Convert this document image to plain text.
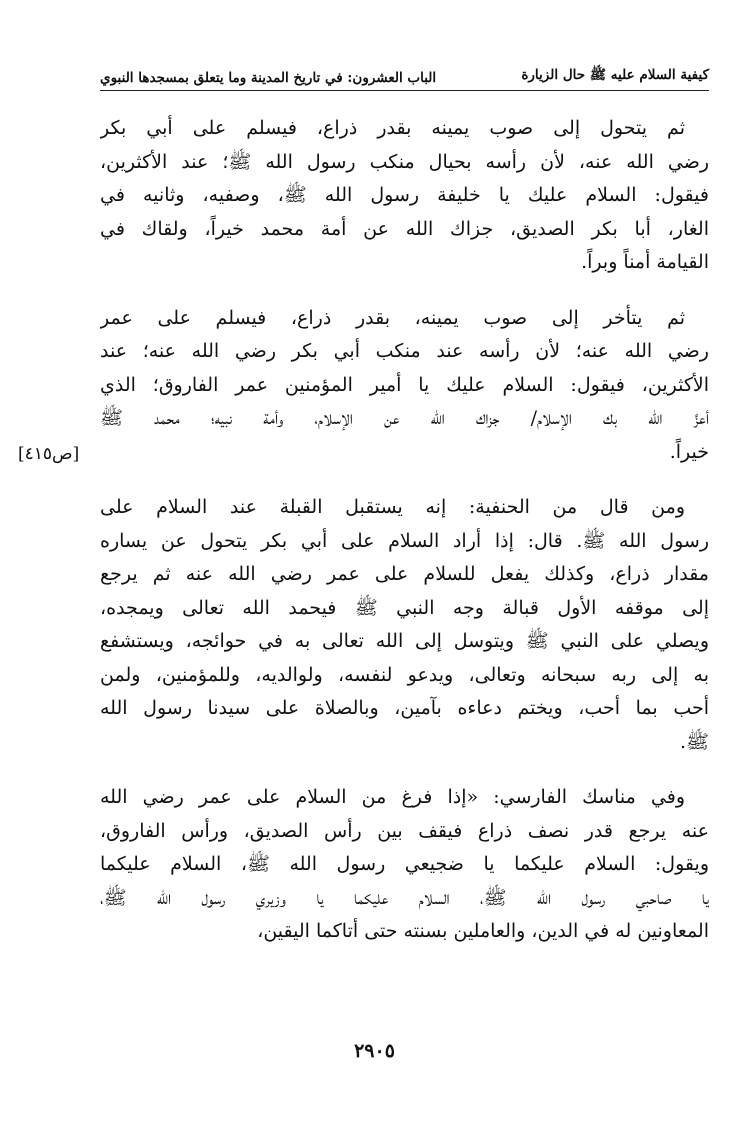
كيفية السلام عليه ﷺ حال الزيارة
الباب العشرون: في تاريخ المدينة وما يتعلق بمسجدها النبوي

ثم يتحول إلى صوب يمينه بقدر ذراع، فيسلم على أبي بكر
رضي الله عنه، لأن رأسه بحيال منكب رسول الله ﷺ؛ عند الأكثرين،
فيقول: السلام عليك يا خليفة رسول الله ﷺ، وصفيه، وثانيه في
الغار، أبا بكر الصديق، جزاك الله عن أمة محمد خيراً، ولقاك في
القيامة أمناً وبراً.

ثم يتأخر إلى صوب يمينه، بقدر ذراع، فيسلم على عمر
رضي الله عنه؛ لأن رأسه عند منكب أبي بكر رضي الله عنه؛ عند
الأكثرين، فيقول: السلام عليك يا أمير المؤمنين عمر الفاروق؛ الذي
أعزَّ الله بك الإسلام/ جزاك الله عن الإسلام، وأمة نبيه؛ محمد ﷺ
خيراً.

ومن قال من الحنفية: إنه يستقبل القبلة عند السلام على
رسول الله ﷺ. قال: إذا أراد السلام على أبي بكر يتحول عن يساره
مقدار ذراع، وكذلك يفعل للسلام على عمر رضي الله عنه ثم يرجع
إلى موقفه الأول قبالة وجه النبي ﷺ فيحمد الله تعالى ويمجده،
ويصلي على النبي ﷺ ويتوسل إلى الله تعالى به في حوائجه، ويستشفع
به إلى ربه سبحانه وتعالى، ويدعو لنفسه، ولوالديه، وللمؤمنين، ولمن
أحب بما أحب، ويختم دعاءه بآمين، وبالصلاة على سيدنا رسول الله
ﷺ.

وفي مناسك الفارسي: «إذا فرغ من السلام على عمر رضي الله
عنه يرجع قدر نصف ذراع فيقف بين رأس الصديق، ورأس الفاروق،
ويقول: السلام عليكما يا ضجيعي رسول الله ﷺ، السلام عليكما
يا صاحبي رسول الله ﷺ، السلام عليكما يا وزيري رسول الله ﷺ،
المعاونين له في الدين، والعاملين بسنته حتى أتاكما اليقين،

[ص٤١٥]
٢٩٠٥
